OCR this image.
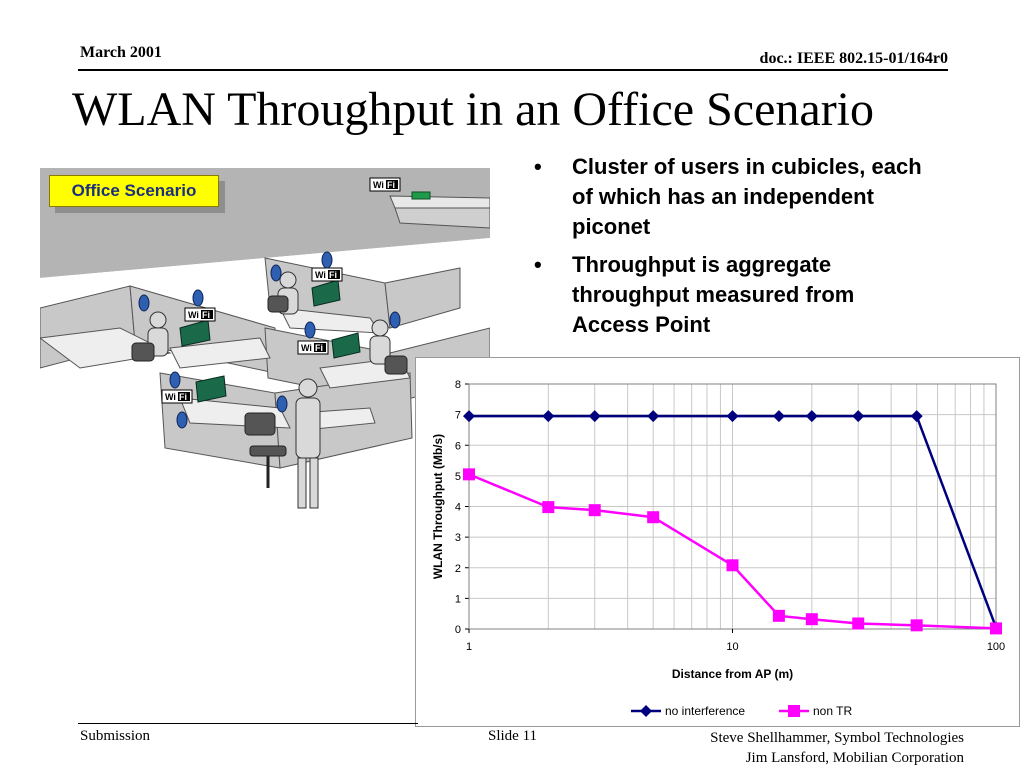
March 2001	doc.: IEEE 802.15-01/164r0
WLAN Throughput in an Office Scenario
• Cluster of users in cubicles, each of which has an independent piconet
• Throughput is aggregate throughput measured from Access Point
Wi Fi
Wi Fi
Wi Fi
Wi Fi
Wi Fi
Office Scenario
0
1
2
3
4
5
6
7
8
1	10	100
Distance from AP (m)
WLAN Throughput (Mb/s)
no interference	non TR
Submission	Slide 11	Steve Shellhammer, Symbol Technologies
Jim Lansford, Mobilian Corporation
